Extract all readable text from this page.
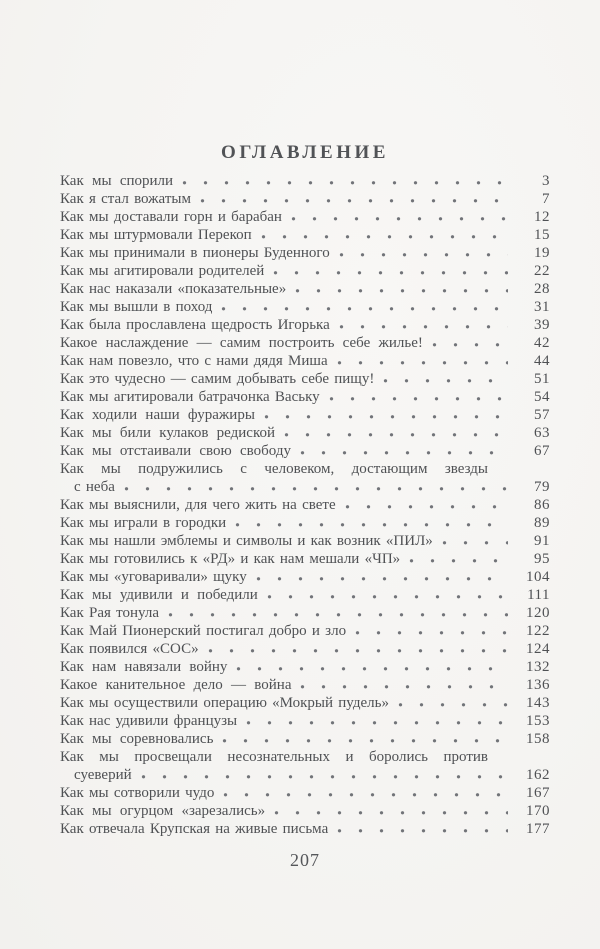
ОГЛАВЛЕНИЕ
Как мы спорили	3
Как я стал вожатым	7
Как мы доставали горн и барабан	12
Как мы штурмовали Перекоп	15
Как мы принимали в пионеры Буденного	19
Как мы агитировали родителей	22
Как нас наказали «показательные»	28
Как мы вышли в поход	31
Как была прославлена щедрость Игорька	39
Какое наслаждение — самим построить себе жилье!	42
Как нам повезло, что с нами дядя Миша	44
Как это чудесно — самим добывать себе пищу!	51
Как мы агитировали батрачонка Ваську	54
Как ходили наши фуражиры	57
Как мы били кулаков редиской	63
Как мы отстаивали свою свободу	67
Как мы подружились с человеком, достающим звезды
с неба	79
Как мы выяснили, для чего жить на свете	86
Как мы играли в городки	89
Как мы нашли эмблемы и символы и как возник «ПИЛ»	91
Как мы готовились к «РД» и как нам мешали «ЧП»	95
Как мы «уговаривали» щуку	104
Как мы удивили и победили	111
Как Рая тонула	120
Как Май Пионерский постигал добро и зло	122
Как появился «СОС»	124
Как нам навязали войну	132
Какое канительное дело — война	136
Как мы осуществили операцию «Мокрый пудель»	143
Как нас удивили французы	153
Как мы соревновались	158
Как мы просвещали несознательных и боролись против
суеверий	162
Как мы сотворили чудо	167
Как мы огурцом «зарезались»	170
Как отвечала Крупская на живые письма	177
207
